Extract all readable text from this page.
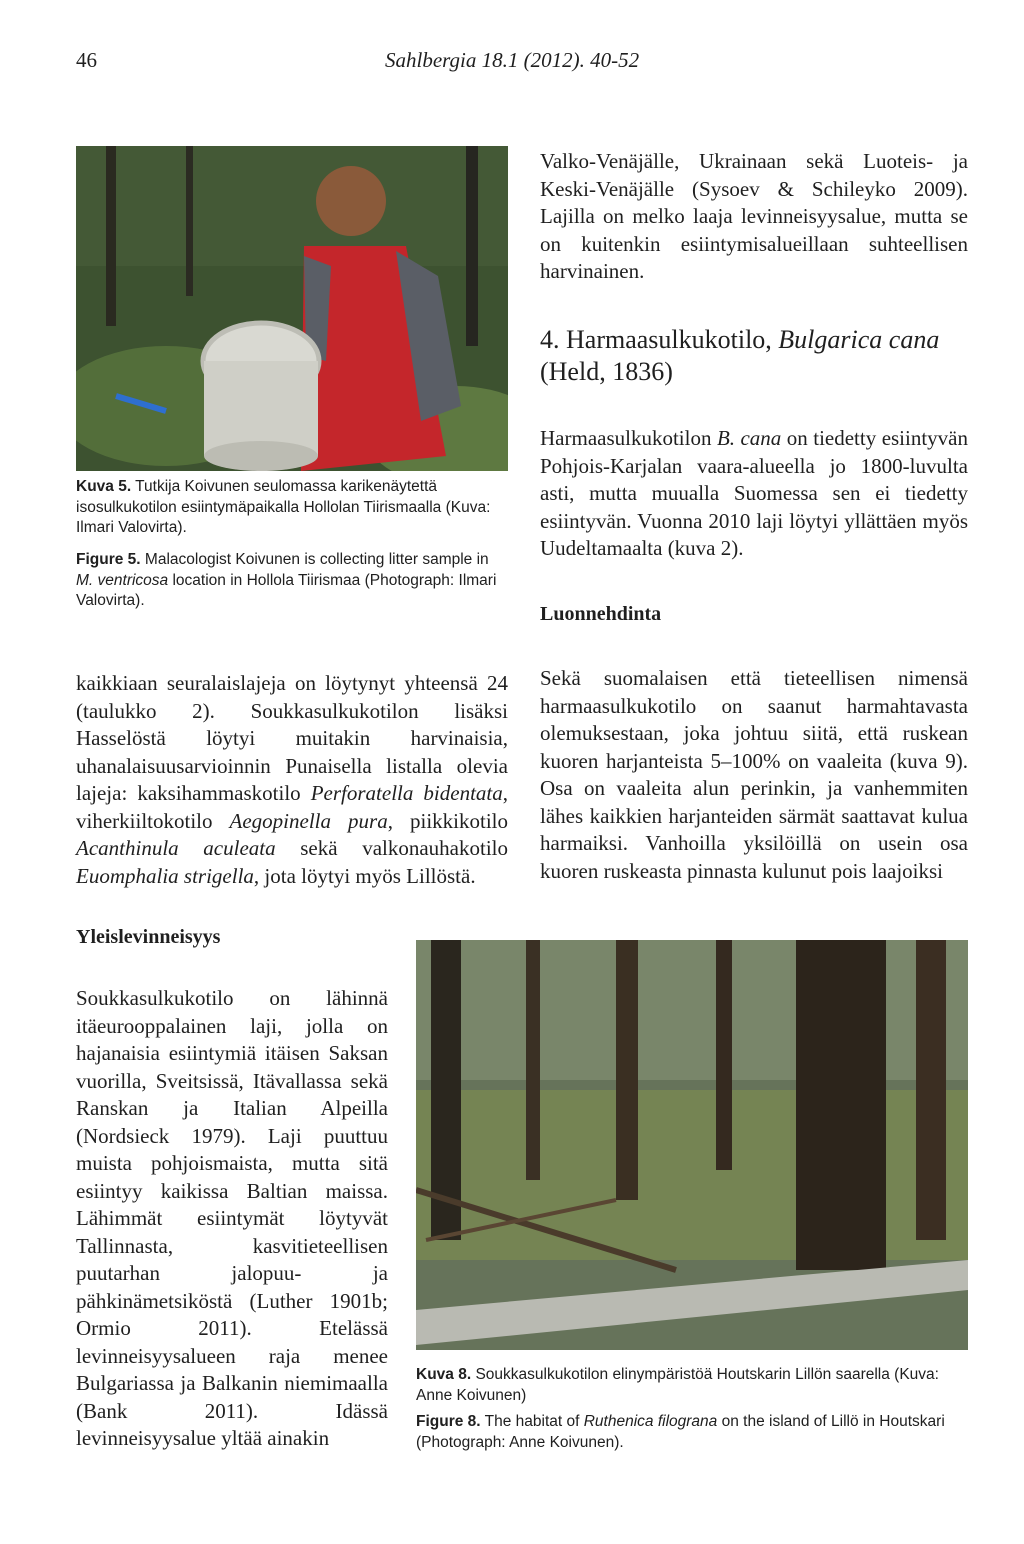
46	Sahlbergia 18.1 (2012). 40-52

Kuva 5. Tutkija Koivunen seulomassa karikenäytettä isosulkukotilon esiintymäpaikalla Hollolan Tiirismaalla (Kuva: Ilmari Valovirta).

Figure 5. Malacologist Koivunen is collecting litter sample in M. ventricosa location in Hollola Tiirismaa (Photograph: Ilmari Valovirta).

Valko-Venäjälle, Ukrainaan sekä Luoteis- ja Keski-Venäjälle (Sysoev & Schileyko 2009). Lajilla on melko laaja levinneisyysalue, mutta se on kuitenkin esiintymisalueillaan suhteellisen harvinainen.

4. Harmaasulkukotilo, Bulgarica cana
(Held, 1836)

Harmaasulkukotilon B. cana on tiedetty esiintyvän Pohjois-Karjalan vaara-alueella jo 1800-luvulta asti, mutta muualla Suomessa sen ei tiedetty esiintyvän. Vuonna 2010 laji löytyi yllättäen myös Uudeltamaalta (kuva 2).

Luonnehdinta

Sekä suomalaisen että tieteellisen nimensä harmaasulkukotilo on saanut harmahtavasta olemuksestaan, joka johtuu siitä, että ruskean kuoren harjanteista 5–100% on vaaleita (kuva 9). Osa on vaaleita alun perinkin, ja vanhemmiten lähes kaikkien harjanteiden särmät saattavat kulua harmaiksi. Vanhoilla yksilöillä on usein osa kuoren ruskeasta pinnasta kulunut pois laajoiksi

kaikkiaan seuralaislajeja on löytynyt yhteensä 24 (taulukko 2). Soukkasulkukotilon lisäksi Hasselöstä löytyi muitakin harvinaisia, uhanalaisuusarvioinnin Punaisella listalla olevia lajeja: kaksihammaskotilo Perforatella bidentata, viherkiiltokotilo Aegopinella pura, piikkikotilo Acanthinula aculeata sekä valkonauhakotilo Euomphalia strigella, jota löytyi myös Lillöstä.

Yleislevinneisyys

Soukkasulkukotilo on lähinnä itäeurooppalainen laji, jolla on hajanaisia esiintymiä itäisen Saksan vuorilla, Sveitsissä, Itävallassa sekä Ranskan ja Italian Alpeilla (Nordsieck 1979). Laji puuttuu muista pohjoismaista, mutta sitä esiintyy kaikissa Baltian maissa. Lähimmät esiintymät löytyvät Tallinnasta, kasvitieteellisen puutarhan jalopuu- ja pähkinämetsiköstä (Luther 1901b; Ormio 2011). Etelässä levinneisyysalueen raja menee Bulgariassa ja Balkanin niemimaalla (Bank 2011). Idässä levinneisyysalue yltää ainakin

Kuva 8. Soukkasulkukotilon elinympäristöä Houtskarin Lillön saarella (Kuva: Anne Koivunen)

Figure 8. The habitat of Ruthenica filograna on the island of Lillö in Houtskari (Photograph: Anne Koivunen).
